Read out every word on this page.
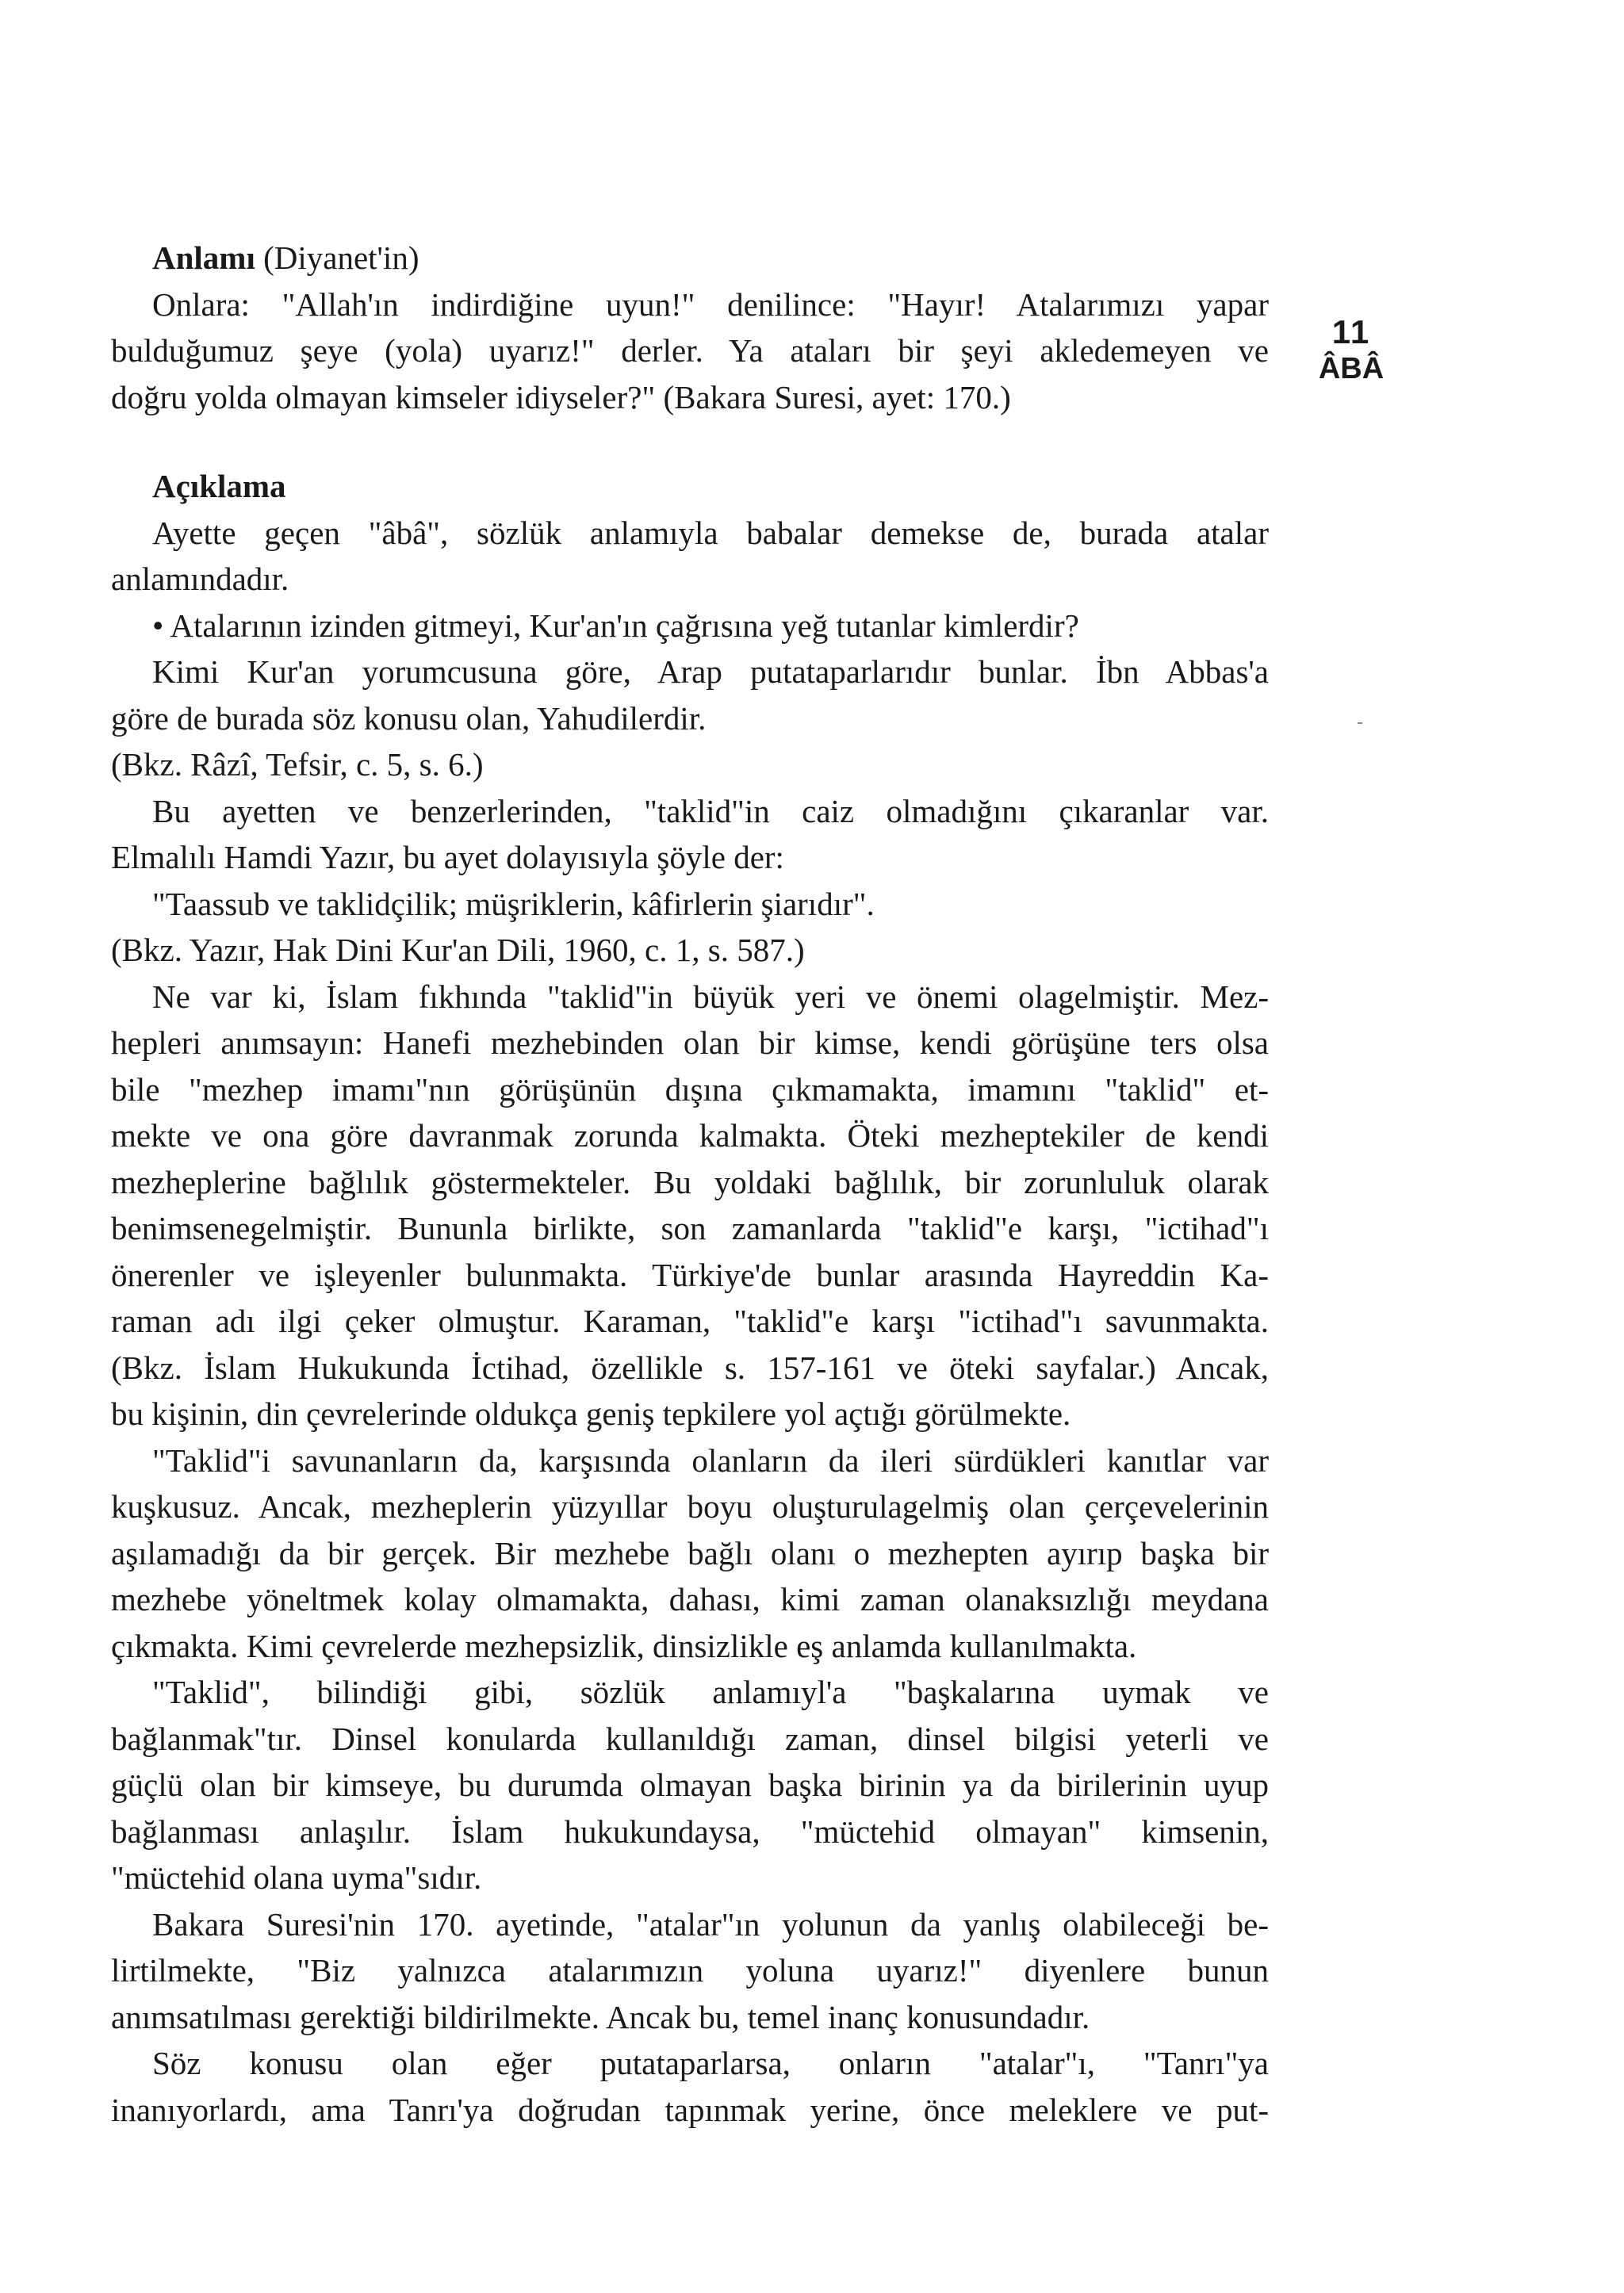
Anlamı (Diyanet'in)
Onlara: "Allah'ın indirdiğine uyun!" denilince: "Hayır! Atalarımızı yapar
bulduğumuz şeye (yola) uyarız!" derler. Ya ataları bir şeyi akledemeyen ve
doğru yolda olmayan kimseler idiyseler?" (Bakara Suresi, ayet: 170.)
Açıklama
Ayette geçen "âbâ", sözlük anlamıyla babalar demekse de, burada atalar
anlamındadır.
• Atalarının izinden gitmeyi, Kur'an'ın çağrısına yeğ tutanlar kimlerdir?
Kimi Kur'an yorumcusuna göre, Arap putataparlarıdır bunlar. İbn Abbas'a
göre de burada söz konusu olan, Yahudilerdir.
(Bkz. Râzî, Tefsir, c. 5, s. 6.)
Bu ayetten ve benzerlerinden, "taklid"in caiz olmadığını çıkaranlar var.
Elmalılı Hamdi Yazır, bu ayet dolayısıyla şöyle der:
"Taassub ve taklidçilik; müşriklerin, kâfirlerin şiarıdır".
(Bkz. Yazır, Hak Dini Kur'an Dili, 1960, c. 1, s. 587.)
Ne var ki, İslam fıkhında "taklid"in büyük yeri ve önemi olagelmiştir. Mez-
hepleri anımsayın: Hanefi mezhebinden olan bir kimse, kendi görüşüne ters olsa
bile "mezhep imamı"nın görüşünün dışına çıkmamakta, imamını "taklid" et-
mekte ve ona göre davranmak zorunda kalmakta. Öteki mezheptekiler de kendi
mezheplerine bağlılık göstermekteler. Bu yoldaki bağlılık, bir zorunluluk olarak
benimsenegelmiştir. Bununla birlikte, son zamanlarda "taklid"e karşı, "ictihad"ı
önerenler ve işleyenler bulunmakta. Türkiye'de bunlar arasında Hayreddin Ka-
raman adı ilgi çeker olmuştur. Karaman, "taklid"e karşı "ictihad"ı savunmakta.
(Bkz. İslam Hukukunda İctihad, özellikle s. 157-161 ve öteki sayfalar.) Ancak,
bu kişinin, din çevrelerinde oldukça geniş tepkilere yol açtığı görülmekte.
"Taklid"i savunanların da, karşısında olanların da ileri sürdükleri kanıtlar var
kuşkusuz. Ancak, mezheplerin yüzyıllar boyu oluşturulagelmiş olan çerçevelerinin
aşılamadığı da bir gerçek. Bir mezhebe bağlı olanı o mezhepten ayırıp başka bir
mezhebe yöneltmek kolay olmamakta, dahası, kimi zaman olanaksızlığı meydana
çıkmakta. Kimi çevrelerde mezhepsizlik, dinsizlikle eş anlamda kullanılmakta.
"Taklid", bilindiği gibi, sözlük anlamıyl'a "başkalarına uymak ve
bağlanmak"tır. Dinsel konularda kullanıldığı zaman, dinsel bilgisi yeterli ve
güçlü olan bir kimseye, bu durumda olmayan başka birinin ya da birilerinin uyup
bağlanması anlaşılır. İslam hukukundaysa, "müctehid olmayan" kimsenin,
"müctehid olana uyma"sıdır.
Bakara Suresi'nin 170. ayetinde, "atalar"ın yolunun da yanlış olabileceği be-
lirtilmekte, "Biz yalnızca atalarımızın yoluna uyarız!" diyenlere bunun
anımsatılması gerektiği bildirilmekte. Ancak bu, temel inanç konusundadır.
Söz konusu olan eğer putataparlarsa, onların "atalar"ı, "Tanrı"ya
inanıyorlardı, ama Tanrı'ya doğrudan tapınmak yerine, önce meleklere ve put-
11
ÂBÂ
